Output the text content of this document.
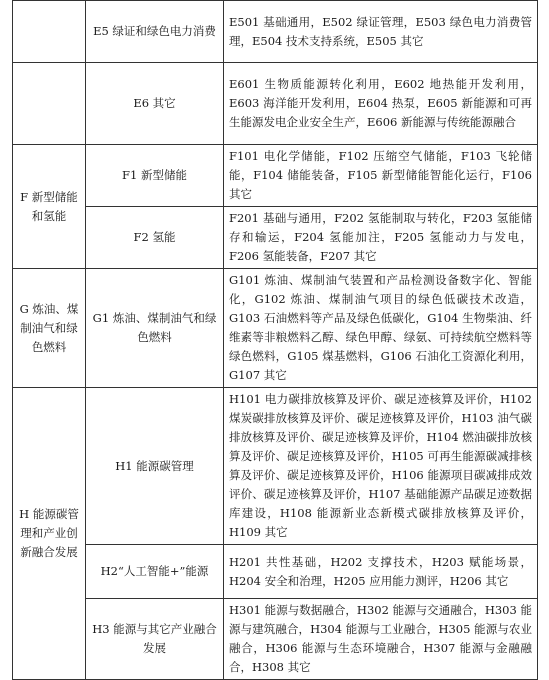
	E5 绿证和绿色电力消费	E501 基础通用，E502 绿证管理，E503 绿色电力消费管理，E504 技术支持系统，E505 其它
	E6 其它	E601 生物质能源转化利用，E602 地热能开发利用，E603 海洋能开发利用，E604 热泵，E605 新能源和可再生能源发电企业安全生产，E606 新能源与传统能源融合
F 新型储能和氢能	F1 新型储能	F101 电化学储能，F102 压缩空气储能，F103 飞轮储能，F104 储能装备，F105 新型储能智能化运行，F106 其它
	F2 氢能	F201 基础与通用，F202 氢能制取与转化，F203 氢能储存和输运，F204 氢能加注，F205 氢能动力与发电，F206 氢能装备，F207 其它
G 炼油、煤制油气和绿色燃料	G1 炼油、煤制油气和绿色燃料	G101 炼油、煤制油气装置和产品检测设备数字化、智能化，G102 炼油、煤制油气项目的绿色低碳技术改造，G103 石油燃料等产品及绿色低碳化，G104 生物柴油、纤维素等非粮燃料乙醇、绿色甲醇、绿氨、可持续航空燃料等绿色燃料，G105 煤基燃料，G106 石油化工资源化利用，G107 其它
H 能源碳管理和产业创新融合发展	H1 能源碳管理	H101 电力碳排放核算及评价、碳足迹核算及评价，H102 煤炭碳排放核算及评价、碳足迹核算及评价，H103 油气碳排放核算及评价、碳足迹核算及评价，H104 燃油碳排放核算及评价、碳足迹核算及评价，H105 可再生能源碳减排核算及评价、碳足迹核算及评价，H106 能源项目碳减排成效评价、碳足迹核算及评价，H107 基础能源产品碳足迹数据库建设，H108 能源新业态新模式碳排放核算及评价，H109 其它
	H2“人工智能+”能源	H201 共性基础，H202 支撑技术，H203 赋能场景，H204 安全和治理，H205 应用能力测评，H206 其它
	H3 能源与其它产业融合发展	H301 能源与数据融合，H302 能源与交通融合，H303 能源与建筑融合，H304 能源与工业融合，H305 能源与农业融合，H306 能源与生态环境融合，H307 能源与金融融合，H308 其它
